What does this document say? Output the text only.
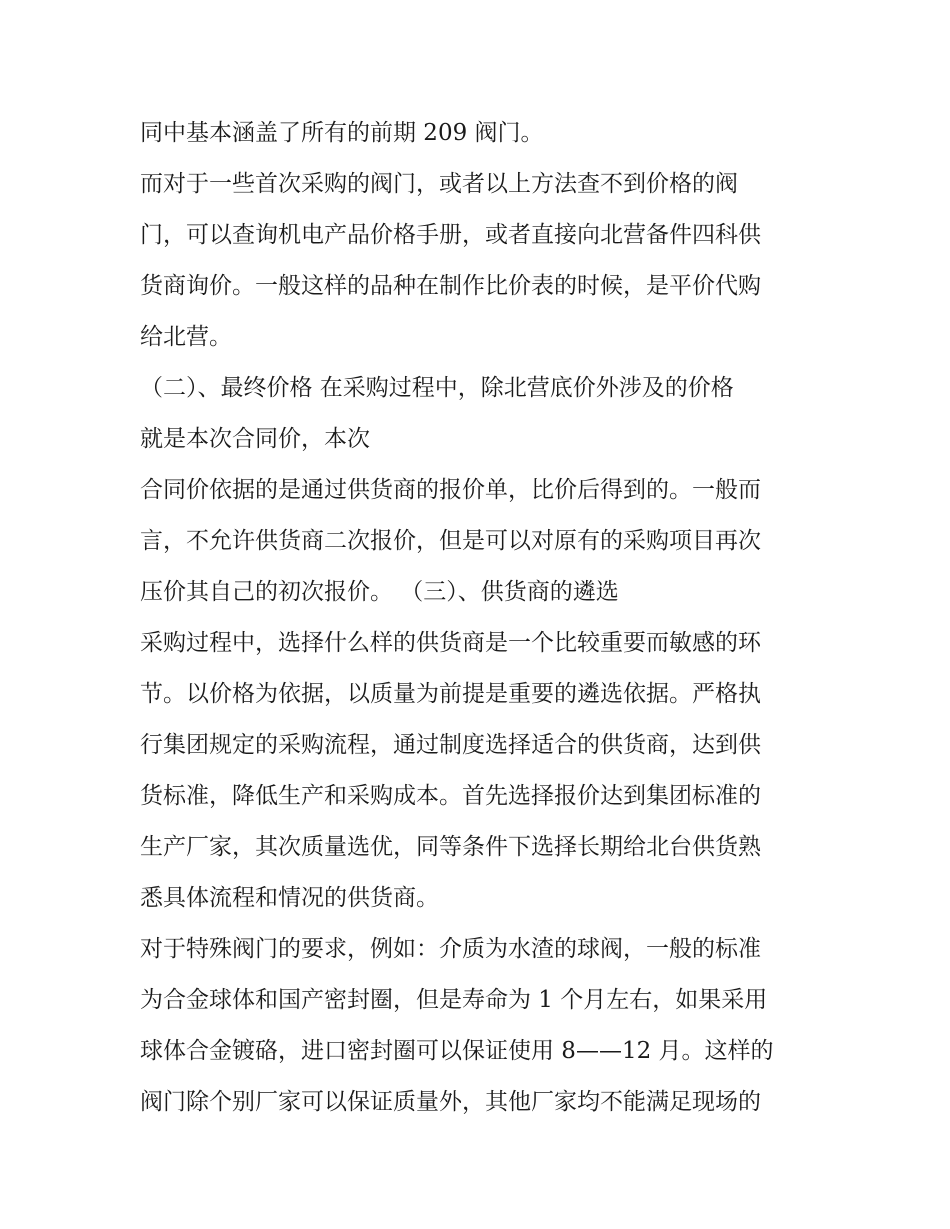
同中基本涵盖了所有的前期 209 阀门。
而对于一些首次采购的阀门，或者以上方法查不到价格的阀
门，可以查询机电产品价格手册，或者直接向北营备件四科供
货商询价。一般这样的品种在制作比价表的时候，是平价代购
给北营。
（二）、最终价格 在采购过程中，除北营底价外涉及的价格
就是本次合同价，本次
合同价依据的是通过供货商的报价单，比价后得到的。一般而
言，不允许供货商二次报价，但是可以对原有的采购项目再次
压价其自己的初次报价。 （三）、供货商的遴选
采购过程中，选择什么样的供货商是一个比较重要而敏感的环
节。以价格为依据，以质量为前提是重要的遴选依据。严格执
行集团规定的采购流程，通过制度选择适合的供货商，达到供
货标准，降低生产和采购成本。首先选择报价达到集团标准的
生产厂家，其次质量选优，同等条件下选择长期给北台供货熟
悉具体流程和情况的供货商。
对于特殊阀门的要求，例如：介质为水渣的球阀，一般的标准
为合金球体和国产密封圈，但是寿命为 1 个月左右，如果采用
球体合金镀硌，进口密封圈可以保证使用 8——12 月。这样的
阀门除个别厂家可以保证质量外，其他厂家均不能满足现场的
